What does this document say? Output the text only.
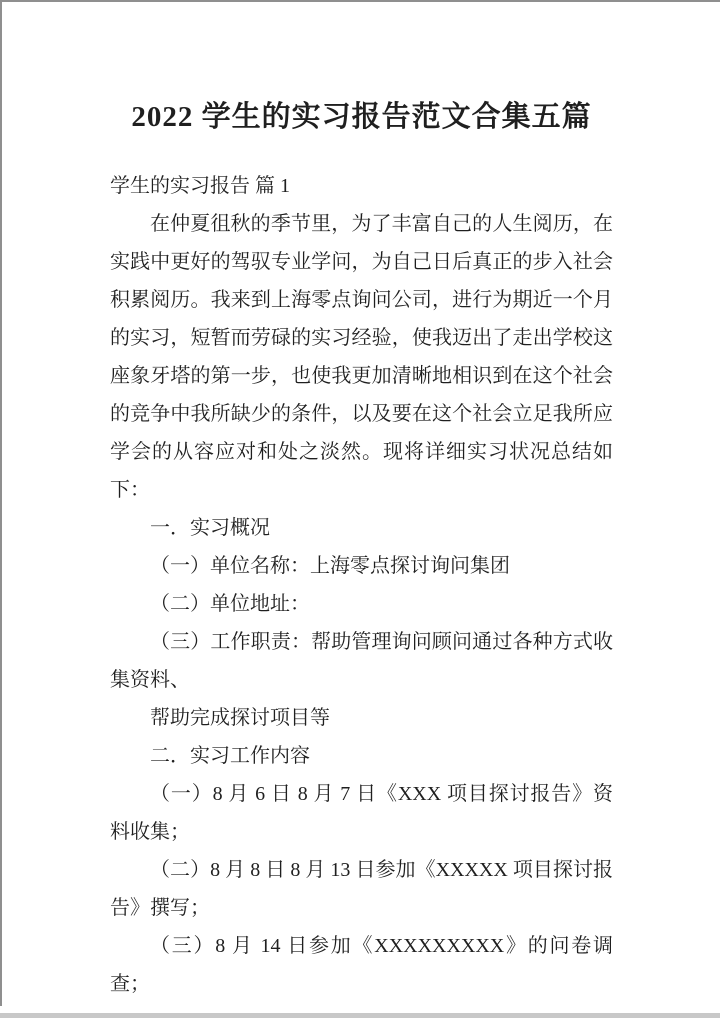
2022 学生的实习报告范文合集五篇

学生的实习报告 篇 1

在仲夏徂秋的季节里，为了丰富自己的人生阅历，在实践中更好的驾驭专业学问，为自己日后真正的步入社会积累阅历。我来到上海零点询问公司，进行为期近一个月的实习，短暂而劳碌的实习经验，使我迈出了走出学校这座象牙塔的第一步，也使我更加清晰地相识到在这个社会的竞争中我所缺少的条件，以及要在这个社会立足我所应学会的从容应对和处之淡然。现将详细实习状况总结如下：

一．实习概况

（一）单位名称：上海零点探讨询问集团

（二）单位地址：

（三）工作职责：帮助管理询问顾问通过各种方式收集资料、

帮助完成探讨项目等

二．实习工作内容

（一）8 月 6 日 8 月 7 日《XXX 项目探讨报告》资料收集；

（二）8 月 8 日 8 月 13 日参加《XXXXX 项目探讨报告》撰写；

（三）8 月 14 日参加《XXXXXXXXX》的问卷调查；
